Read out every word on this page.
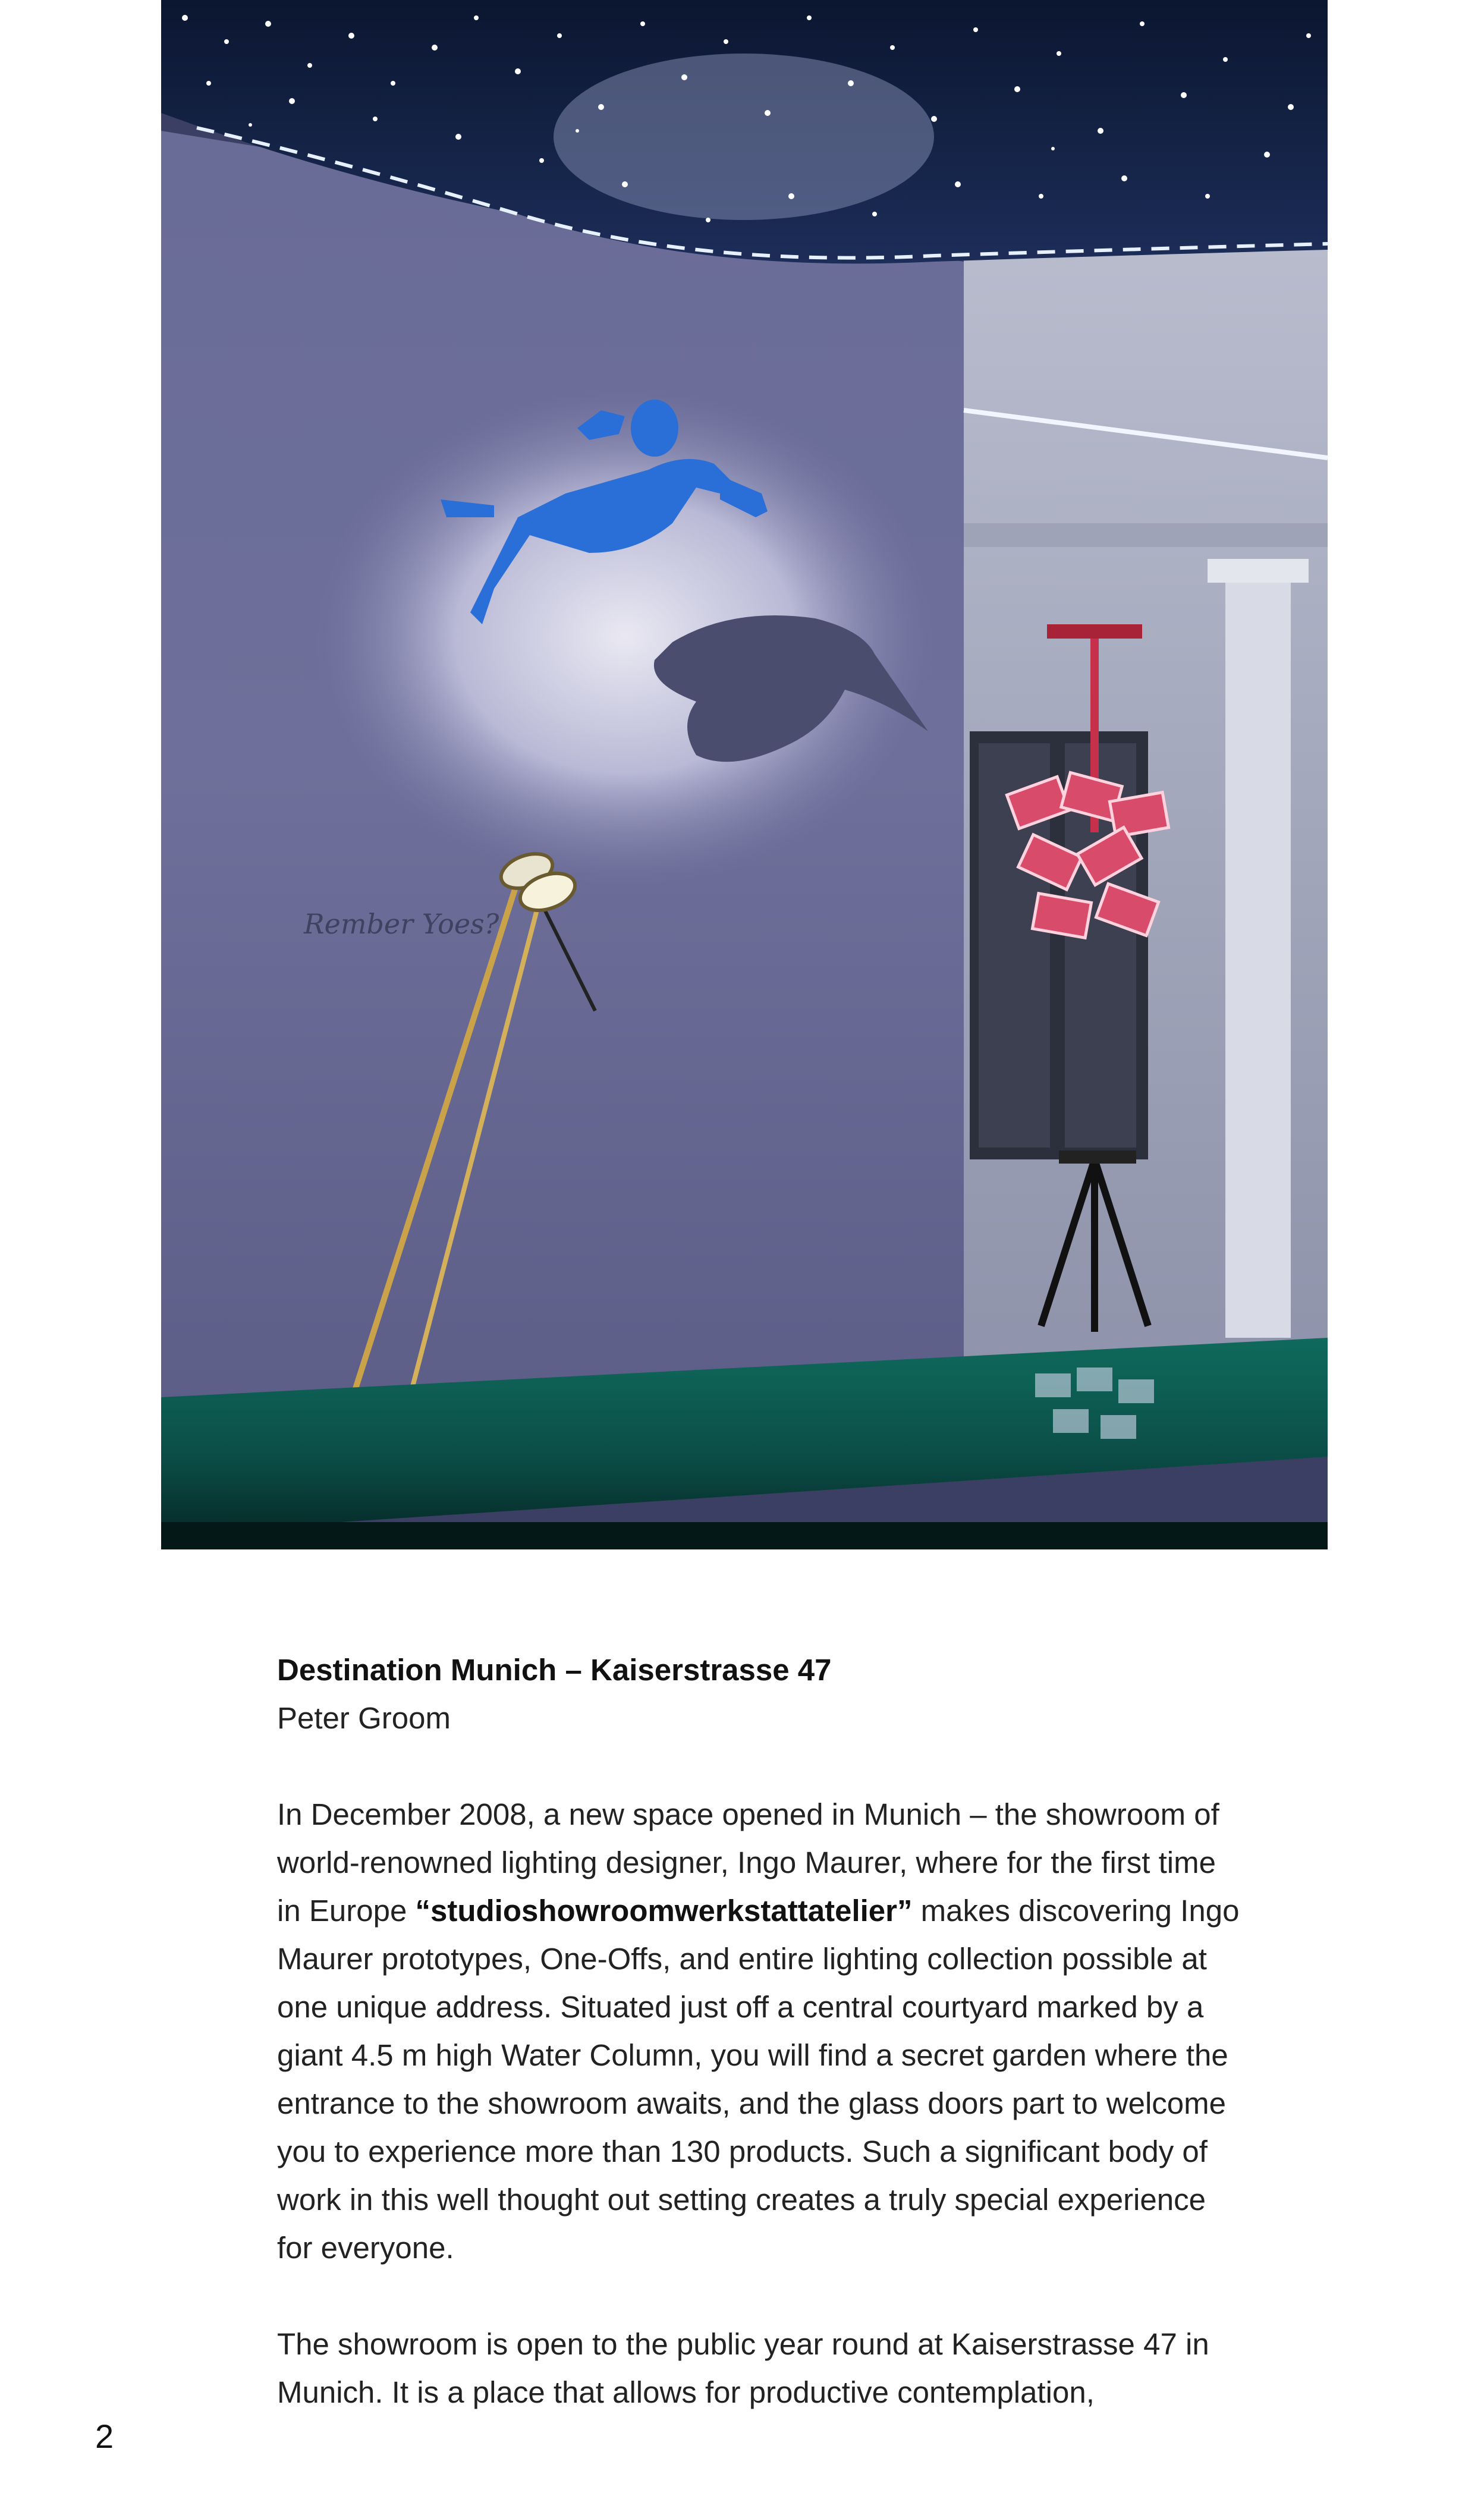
Rember Yoes?

Destination Munich – Kaiserstrasse 47

Peter Groom

In December 2008, a new space opened in Munich – the showroom of world-renowned lighting designer, Ingo Maurer, where for the first time in Europe “studioshowroomwerkstattatelier” makes discovering Ingo Maurer prototypes, One-Offs, and entire lighting collection possible at one unique address. Situated just off a central courtyard marked by a giant 4.5 m high Water Column, you will find a secret garden where the entrance to the showroom awaits, and the glass doors part to welcome you to experience more than 130 products. Such a significant body of work in this well thought out setting creates a truly special experience for everyone.

The showroom is open to the public year round at Kaiserstrasse 47 in Munich. It is a place that allows for productive contemplation,

2
